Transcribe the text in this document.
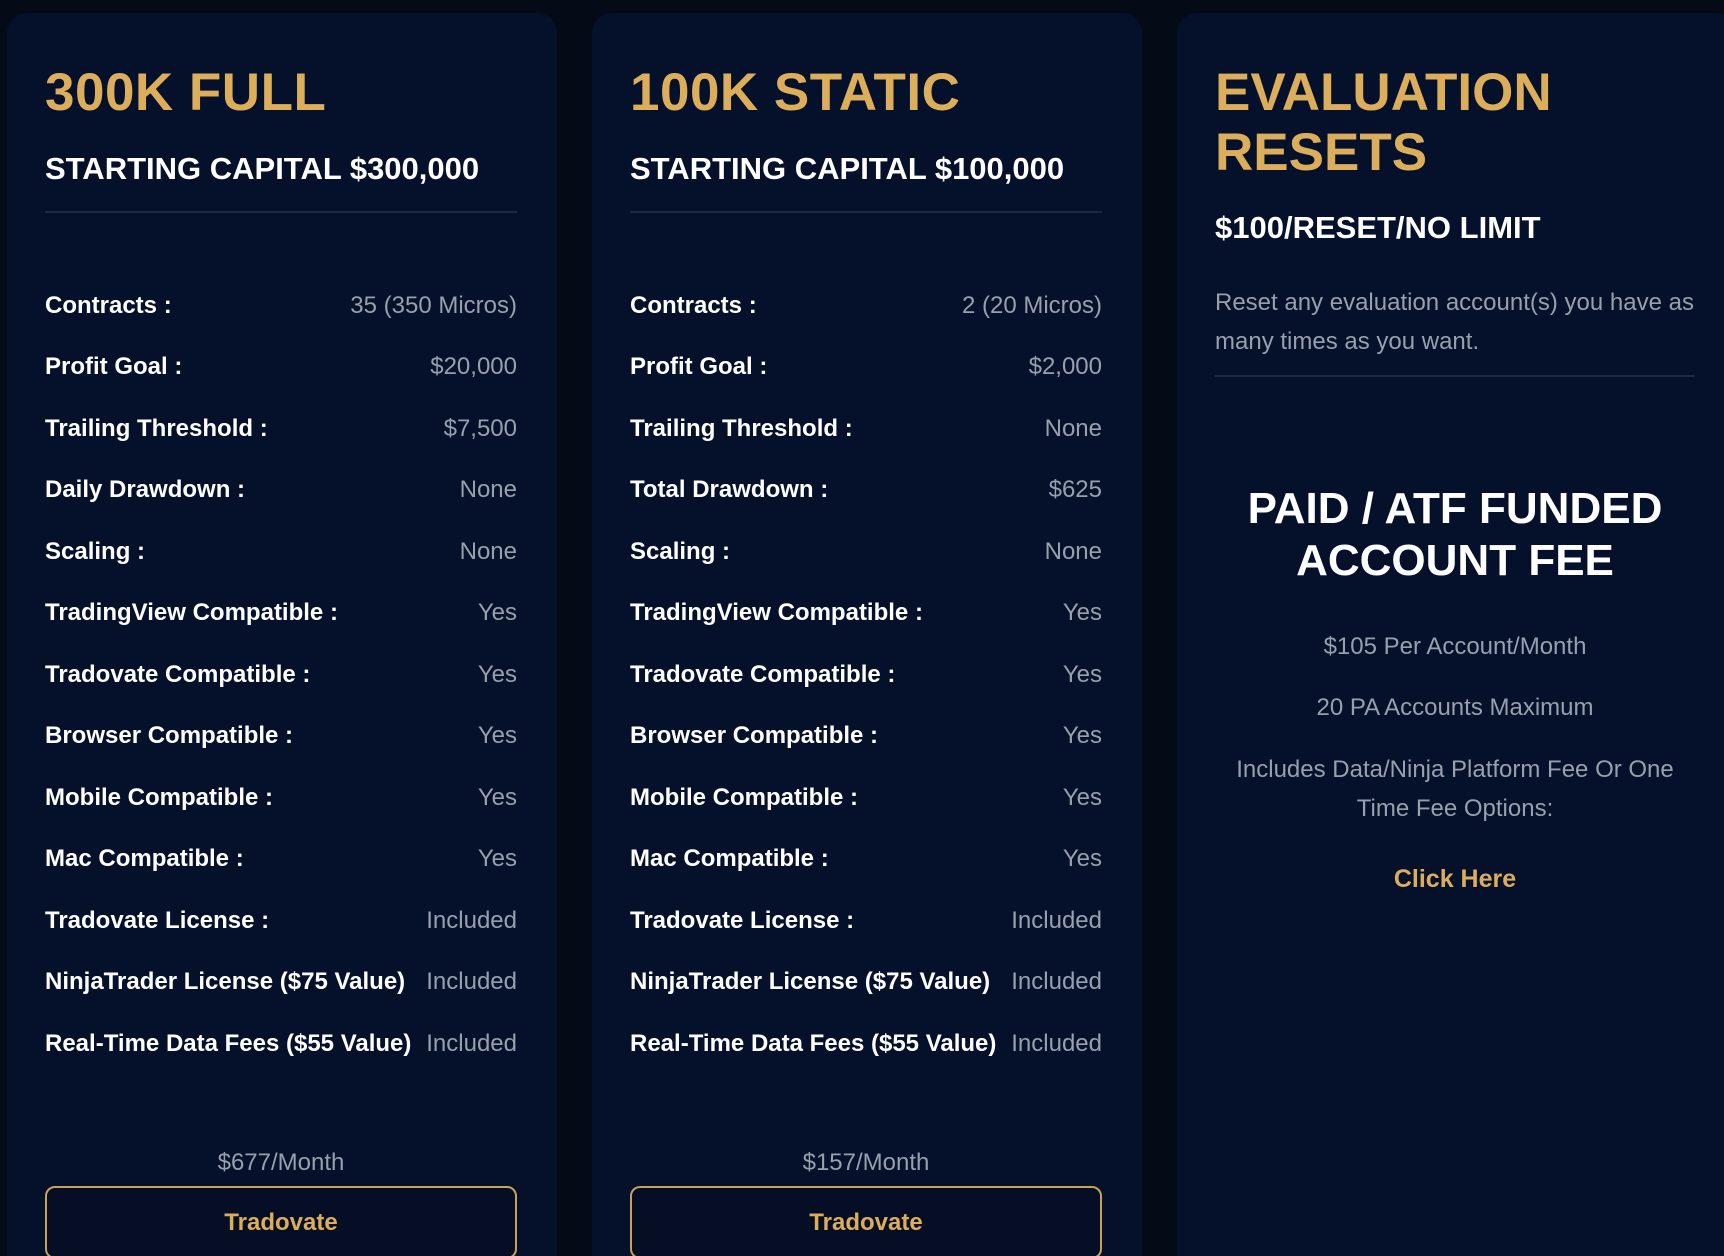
300K FULL
STARTING CAPITAL $300,000
Contracts :	35 (350 Micros)
Profit Goal :	$20,000
Trailing Threshold :	$7,500
Daily Drawdown :	None
Scaling :	None
TradingView Compatible :	Yes
Tradovate Compatible :	Yes
Browser Compatible :	Yes
Mobile Compatible :	Yes
Mac Compatible :	Yes
Tradovate License :	Included
NinjaTrader License ($75 Value) Included
Real-Time Data Fees ($55 Value) Included
$677/Month
Tradovate
100K STATIC
STARTING CAPITAL $100,000
Contracts :	2 (20 Micros)
Profit Goal :	$2,000
Trailing Threshold :	None
Total Drawdown :	$625
Scaling :	None
TradingView Compatible :	Yes
Tradovate Compatible :	Yes
Browser Compatible :	Yes
Mobile Compatible :	Yes
Mac Compatible :	Yes
Tradovate License :	Included
NinjaTrader License ($75 Value) Included
Real-Time Data Fees ($55 Value) Included
$157/Month
Tradovate
EVALUATION
RESETS
$100/RESET/NO LIMIT

Reset any evaluation account(s) you have as many times as you want.

PAID / ATF FUNDED
ACCOUNT FEE

$105 Per Account/Month

20 PA Accounts Maximum

Includes Data/Ninja Platform Fee Or One Time Fee Options:

Click Here
